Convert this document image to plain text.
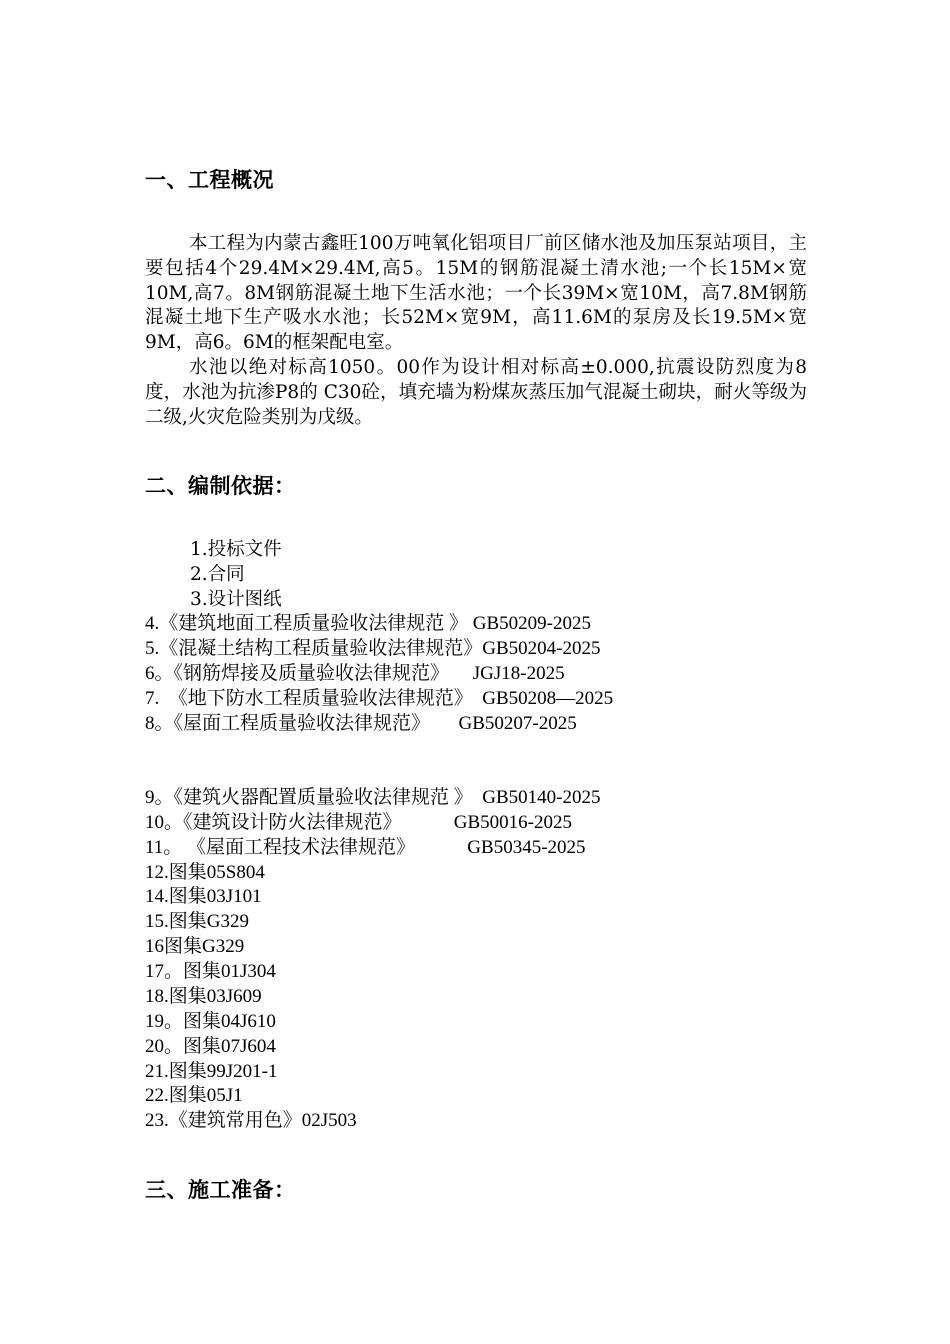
一、工程概况
本工程为内蒙古鑫旺100万吨氧化铝项目厂前区储水池及加压泵站项目，主要包括4个29.4M×29.4M,高5。15M的钢筋混凝土清水池;一个长15M×宽10M,高7。8M钢筋混凝土地下生活水池；一个长39M×宽10M，高7.8M钢筋混凝土地下生产吸水水池；长52M×宽9M，高11.6M的泵房及长19.5M×宽9M，高6。6M的框架配电室。
水池以绝对标高1050。00作为设计相对标高±0.000,抗震设防烈度为8度，水池为抗渗P8的 C30砼，填充墙为粉煤灰蒸压加气混凝土砌块，耐火等级为二级,火灾危险类别为戊级。
二、编制依据：
1.投标文件
2.合同
3.设计图纸
4.《建筑地面工程质量验收法律规范 》 GB50209-2025
5.《混凝土结构工程质量验收法律规范》GB50204-2025
6。《钢筋焊接及质量验收法律规范》     JGJ18-2025
7.  《地下防水工程质量验收法律规范》  GB50208—2025
8。《屋面工程质量验收法律规范》      GB50207-2025
9。《建筑火器配置质量验收法律规范 》  GB50140-2025
10。《建筑设计防火法律规范》           GB50016-2025
11。 《屋面工程技术法律规范》           GB50345-2025
12.图集05S804
14.图集03J101
15.图集G329
16图集G329
17。图集01J304
18.图集03J609
19。图集04J610
20。图集07J604
21.图集99J201-1
22.图集05J1
23.《建筑常用色》02J503
三、施工准备：
